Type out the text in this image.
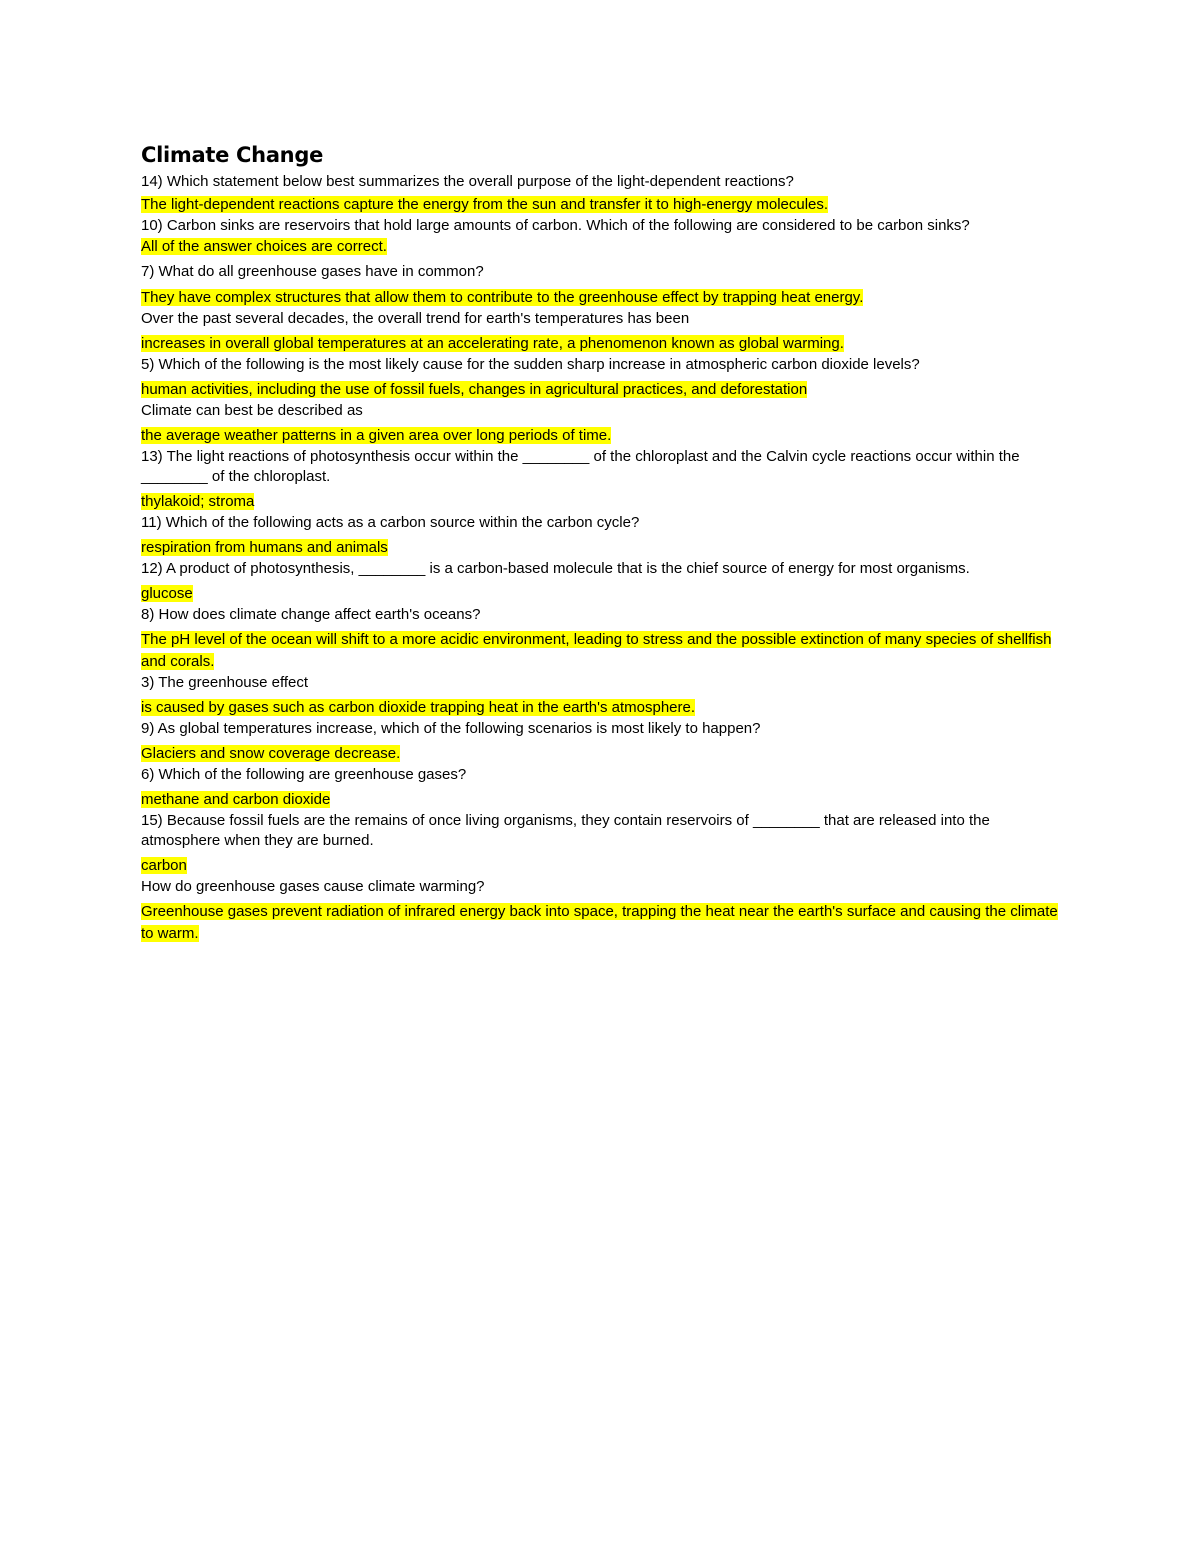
Climate Change

14) Which statement below best summarizes the overall purpose of the light-dependent reactions?

The light-dependent reactions capture the energy from the sun and transfer it to high-energy molecules.

10) Carbon sinks are reservoirs that hold large amounts of carbon. Which of the following are considered to be carbon sinks?

All of the answer choices are correct.

7) What do all greenhouse gases have in common?

They have complex structures that allow them to contribute to the greenhouse effect by trapping heat energy.

Over the past several decades, the overall trend for earth's temperatures has been

increases in overall global temperatures at an accelerating rate, a phenomenon known as global warming.

5) Which of the following is the most likely cause for the sudden sharp increase in atmospheric carbon dioxide levels?

human activities, including the use of fossil fuels, changes in agricultural practices, and deforestation

Climate can best be described as

the average weather patterns in a given area over long periods of time.

13) The light reactions of photosynthesis occur within the ________ of the chloroplast and the Calvin cycle reactions occur within the ________ of the chloroplast.

thylakoid; stroma

11) Which of the following acts as a carbon source within the carbon cycle?

respiration from humans and animals

12) A product of photosynthesis, ________ is a carbon-based molecule that is the chief source of energy for most organisms.

glucose

8) How does climate change affect earth's oceans?

The pH level of the ocean will shift to a more acidic environment, leading to stress and the possible extinction of many species of shellfish and corals.

3) The greenhouse effect

is caused by gases such as carbon dioxide trapping heat in the earth's atmosphere.

9) As global temperatures increase, which of the following scenarios is most likely to happen?

Glaciers and snow coverage decrease.

6) Which of the following are greenhouse gases?

methane and carbon dioxide

15) Because fossil fuels are the remains of once living organisms, they contain reservoirs of ________ that are released into the atmosphere when they are burned.

carbon

How do greenhouse gases cause climate warming?

Greenhouse gases prevent radiation of infrared energy back into space, trapping the heat near the earth's surface and causing the climate to warm.
